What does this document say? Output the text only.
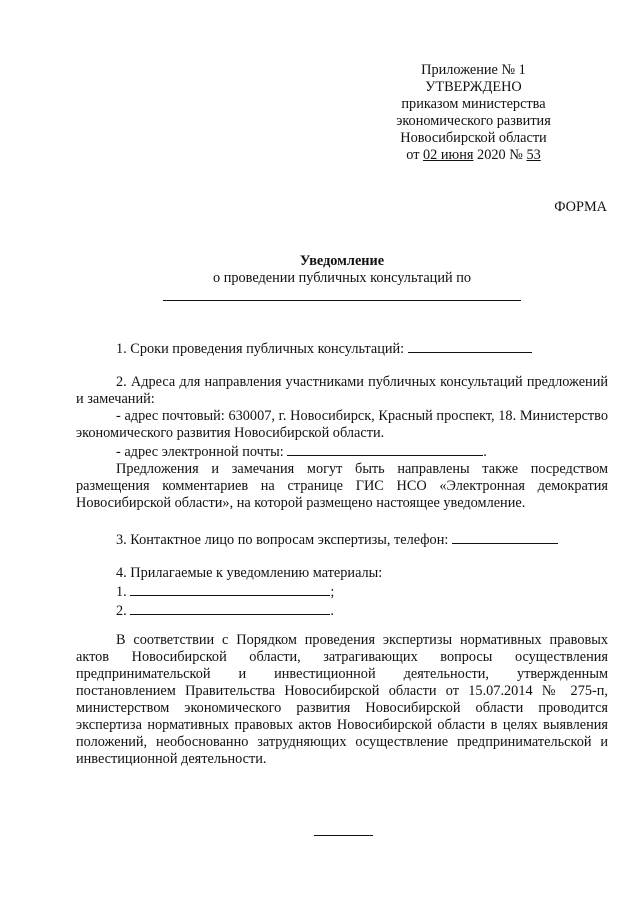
Приложение № 1
УТВЕРЖДЕНО
приказом министерства
экономического развития
Новосибирской области
от 02 июня 2020 № 53
ФОРМА
Уведомление
о проведении публичных консультаций по
1. Сроки проведения публичных консультаций:
2. Адреса для направления участниками публичных консультаций предложений и замечаний:
- адрес почтовый: 630007, г. Новосибирск, Красный проспект, 18. Министерство экономического развития Новосибирской области.
- адрес электронной почты:	.
Предложения и замечания могут быть направлены также посредством размещения комментариев на странице ГИС НСО «Электронная демократия Новосибирской области», на которой размещено настоящее уведомление.
3. Контактное лицо по вопросам экспертизы, телефон:
4. Прилагаемые к уведомлению материалы:
1.	;
2.	.
В соответствии с Порядком проведения экспертизы нормативных правовых актов Новосибирской области, затрагивающих вопросы осуществления предпринимательской и инвестиционной деятельности, утвержденным постановлением Правительства Новосибирской области от 15.07.2014 № 275-п, министерством экономического развития Новосибирской области проводится экспертиза нормативных правовых актов Новосибирской области в целях выявления положений, необоснованно затрудняющих осуществление предпринимательской и инвестиционной деятельности.
